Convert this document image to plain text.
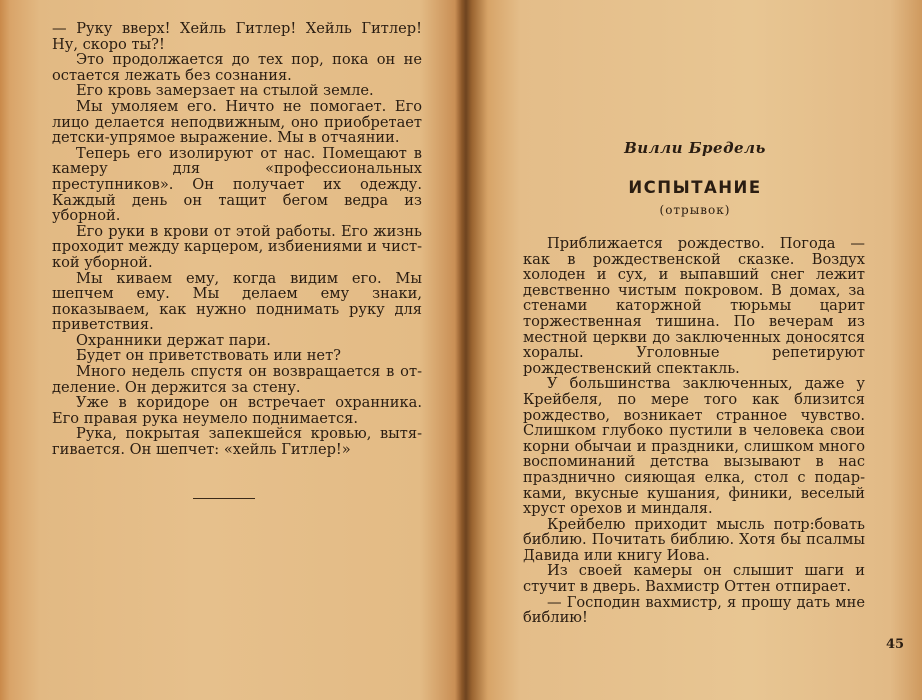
— Руку вверх! Хейль Гитлер! Хейль Гитлер! Ну, скоро ты?!

Это продолжается до тех пор, пока он не остается лежать без сознания.

Его кровь замерзает на стылой земле.

Мы умоляем его. Ничто не помогает. Его лицо делается неподвижным, оно приобретает детски-упрямое выражение. Мы в отчаянии.

Теперь его изолируют от нас. Помещают в камеру для «профессиональных преступников». Он получает их одежду. Каждый день он тащит бегом ведра из уборной.

Его руки в крови от этой работы. Его жизнь проходит между карцером, избиениями и чисткой уборной.

Мы киваем ему, когда видим его. Мы шепчем ему. Мы делаем ему знаки, показываем, как нужно поднимать руку для приветствия.

Охранники держат пари.

Будет он приветствовать или нет?

Много недель спустя он возвращается в отделение. Он держится за стену.

Уже в коридоре он встречает охранника. Его правая рука неумело поднимается.

Рука, покрытая запекшейся кровью, вытягивается. Он шепчет: «хейль Гитлер!»

Вилли Бредель
ИСПЫТАНИЕ
(отрывок)

Приближается рождество. Погода — как в рождественской сказке. Воздух холоден и сух, и выпавший снег лежит девственно чистым покровом. В домах, за стенами каторжной тюрьмы царит торжественная тишина. По вечерам из местной церкви до заключенных доносятся хоралы. Уголовные репетируют рождественский спектакль.

У большинства заключенных, даже у Крейбеля, по мере того как близится рождество, возникает странное чувство. Слишком глубоко пустили в человека свои корни обычаи и праздники, слишком много воспоминаний детства вызывают в нас празднично сияющая елка, стол с подарками, вкусные кушания, финики, веселый хруст орехов и миндаля.

Крейбелю приходит мысль потр:бовать библию. Почитать библию. Хотя бы псалмы Давида или книгу Иова.

Из своей камеры он слышит шаги и стучит в дверь. Вахмистр Оттен отпирает.

— Господин вахмистр, я прошу дать мне библию!

45
